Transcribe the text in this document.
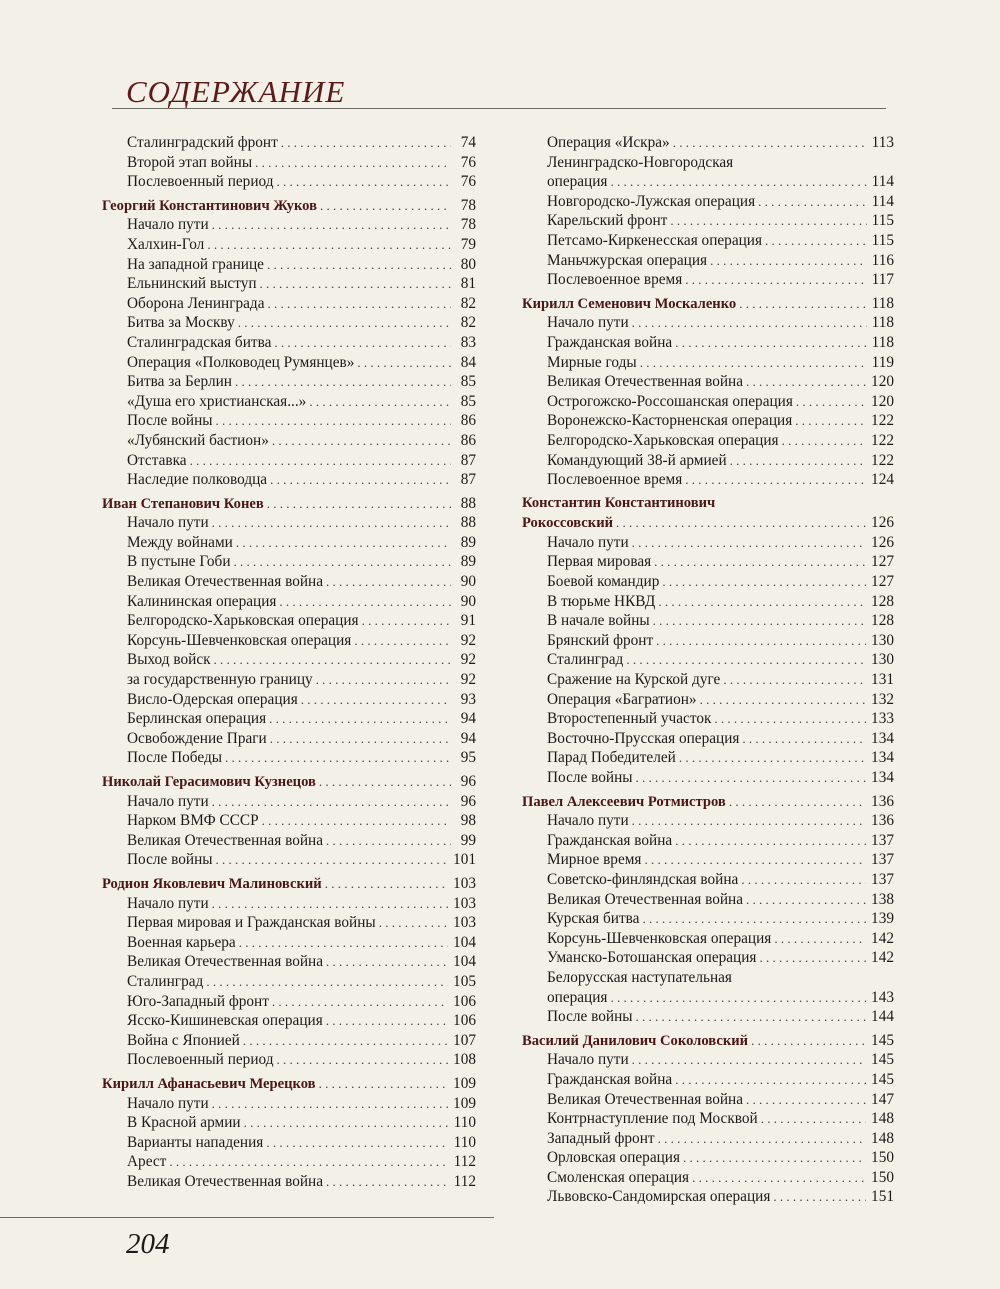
СОДЕРЖАНИЕ
Сталинградский фронт . . .	74
Второй этап войны . . .	76
Послевоенный период . . .	76
Георгий Константинович Жуков . . .	78
Начало пути . . .	78
Халхин-Гол . . .	79
На западной границе . . .	80
Ельнинский выступ . . .	81
Оборона Ленинграда . . .	82
Битва за Москву . . .	82
Сталинградская битва . . .	83
Операция «Полководец Румянцев» . . .	84
Битва за Берлин . . .	85
«Душа его христианская...» . . .	85
После войны . . .	86
«Лубянский бастион» . . .	86
Отставка . . .	87
Наследие полководца . . .	87
Иван Степанович Конев . . .	88
Начало пути . . .	88
Между войнами . . .	89
В пустыне Гоби . . .	89
Великая Отечественная война . . .	90
Калининская операция . . .	90
Белгородско-Харьковская операция . . .	91
Корсунь-Шевченковская операция . . .	92
Выход войск . . .	92
за государственную границу . . .	92
Висло-Одерская операция . . .	93
Берлинская операция . . .	94
Освобождение Праги . . .	94
После Победы . . .	95
Николай Герасимович Кузнецов . . .	96
Начало пути . . .	96
Нарком ВМФ СССР . . .	98
Великая Отечественная война . . .	99
После войны . . .	101
Родион Яковлевич Малиновский . . .	103
Начало пути . . .	103
Первая мировая и Гражданская войны . . .	103
Военная карьера . . .	104
Великая Отечественная война . . .	104
Сталинград . . .	105
Юго-Западный фронт . . .	106
Ясско-Кишиневская операция . . .	106
Война с Японией . . .	107
Послевоенный период . . .	108
Кирилл Афанасьевич Мерецков . . .	109
Начало пути . . .	109
В Красной армии . . .	110
Варианты нападения . . .	110
Арест . . .	112
Великая Отечественная война . . .	112
Операция «Искра» . . .	113
Ленинградско-Новгородская
операция . . .	114
Новгородско-Лужская операция . . .	114
Карельский фронт . . .	115
Петсамо-Киркенесская операция . . .	115
Маньчжурская операция . . .	116
Послевоенное время . . .	117
Кирилл Семенович Москаленко . . .	118
Начало пути . . .	118
Гражданская война . . .	118
Мирные годы . . .	119
Великая Отечественная война . . .	120
Острогожско-Россошанская операция . . .	120
Воронежско-Касторненская операция . . .	122
Белгородско-Харьковская операция . . .	122
Командующий 38-й армией . . .	122
Послевоенное время . . .	124
Константин Константинович
Рокоссовский . . .	126
Начало пути . . .	126
Первая мировая . . .	127
Боевой командир . . .	127
В тюрьме НКВД . . .	128
В начале войны . . .	128
Брянский фронт . . .	130
Сталинград . . .	130
Сражение на Курской дуге . . .	131
Операция «Багратион» . . .	132
Второстепенный участок . . .	133
Восточно-Прусская операция . . .	134
Парад Победителей . . .	134
После войны . . .	134
Павел Алексеевич Ротмистров . . .	136
Начало пути . . .	136
Гражданская война . . .	137
Мирное время . . .	137
Советско-финляндская война . . .	137
Великая Отечественная война . . .	138
Курская битва . . .	139
Корсунь-Шевченковская операция . . .	142
Уманско-Ботошанская операция . . .	142
Белорусская наступательная
операция . . .	143
После войны . . .	144
Василий Данилович Соколовский . . .	145
Начало пути . . .	145
Гражданская война . . .	145
Великая Отечественная война . . .	147
Контрнаступление под Москвой . . .	148
Западный фронт . . .	148
Орловская операция . . .	150
Смоленская операция . . .	150
Львовско-Сандомирская операция . . .	151
204
